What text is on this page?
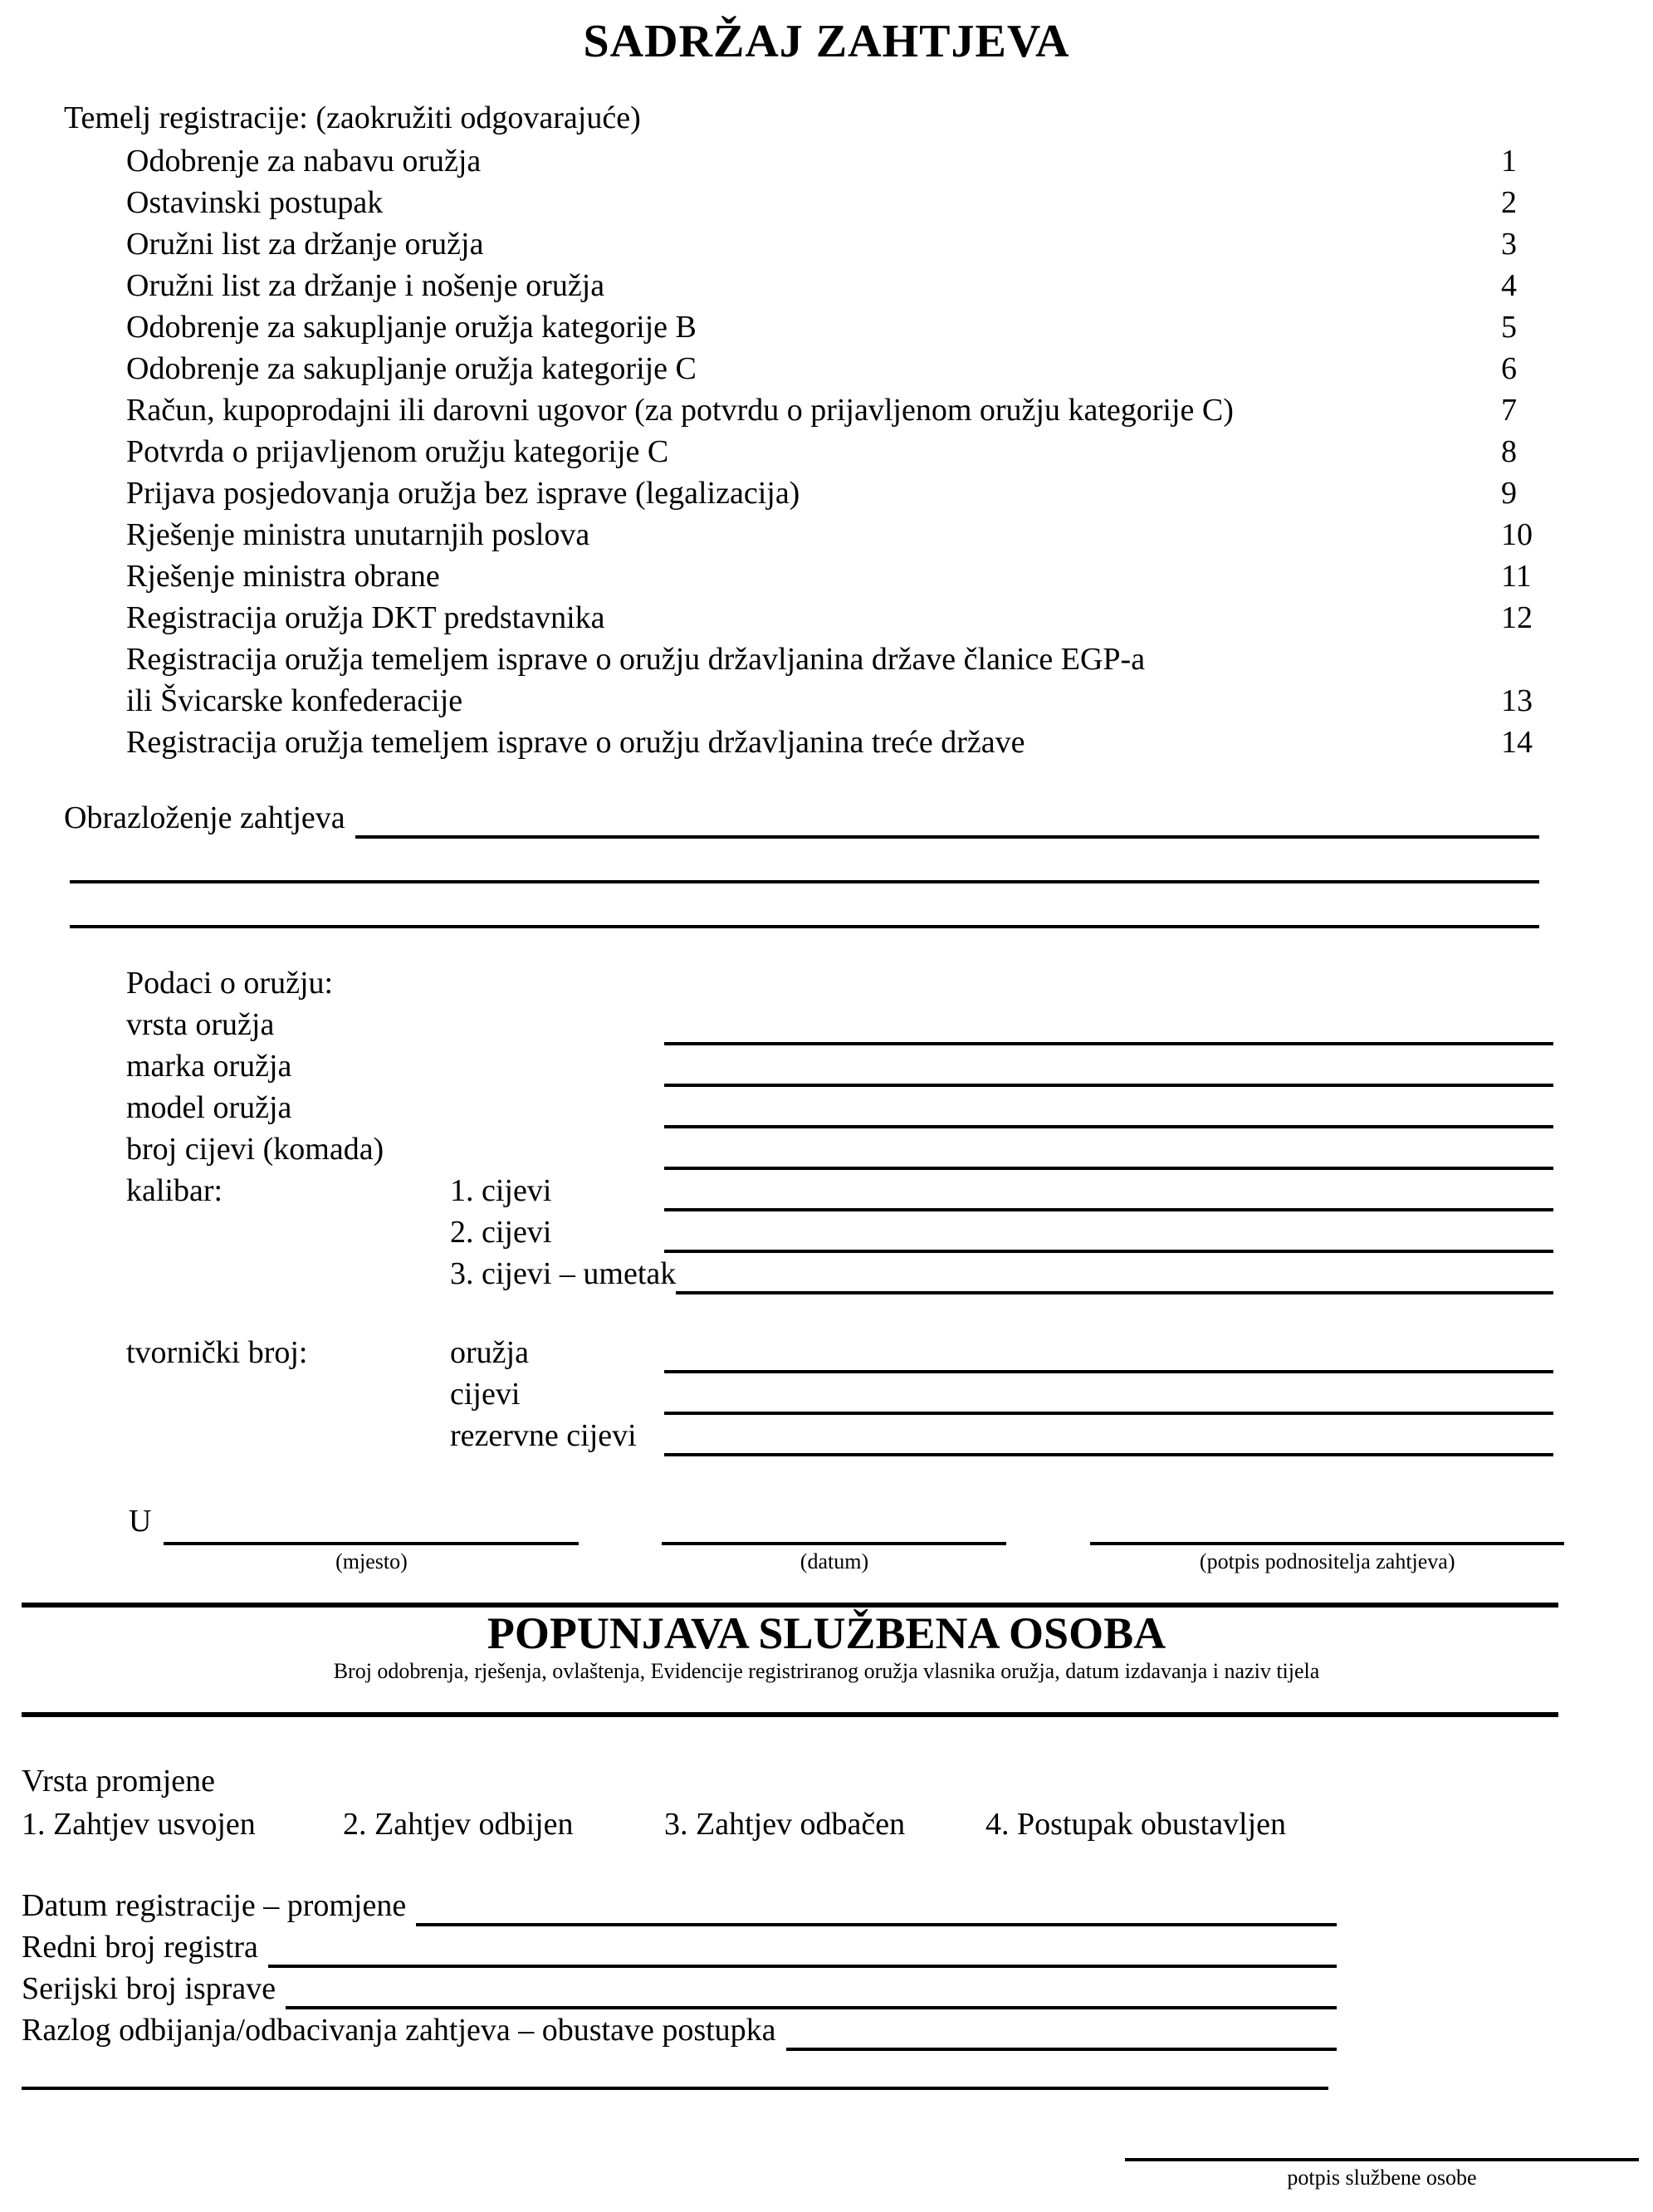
SADRŽAJ ZAHTJEVA
Temelj registracije: (zaokružiti odgovarajuće)
Odobrenje za nabavu oružja	1
Ostavinski postupak	2
Oružni list za držanje oružja	3
Oružni list za držanje i nošenje oružja	4
Odobrenje za sakupljanje oružja kategorije B	5
Odobrenje za sakupljanje oružja kategorije C	6
Račun, kupoprodajni ili darovni ugovor (za potvrdu o prijavljenom oružju kategorije C)	7
Potvrda o prijavljenom oružju kategorije C	8
Prijava posjedovanja oružja bez isprave (legalizacija)	9
Rješenje ministra unutarnjih poslova	10
Rješenje ministra obrane	11
Registracija oružja DKT predstavnika	12
Registracija oružja temeljem isprave o oružju državljanina države članice EGP-a
ili Švicarske konfederacije	13
Registracija oružja temeljem isprave o oružju državljanina treće države	14
Obrazloženje zahtjeva
Podaci o oružju:
vrsta oružja
marka oružja
model oružja
broj cijevi (komada)
kalibar:	1. cijevi
2. cijevi
3. cijevi – umetak
tvornički broj:	oružja
cijevi
rezervne cijevi
U
(mjesto)	(datum)	(potpis podnositelja zahtjeva)
POPUNJAVA SLUŽBENA OSOBA
Broj odobrenja, rješenja, ovlaštenja, Evidencije registriranog oružja vlasnika oružja, datum izdavanja i naziv tijela
Vrsta promjene
1. Zahtjev usvojen	2. Zahtjev odbijen	3. Zahtjev odbačen	4. Postupak obustavljen
Datum registracije – promjene
Redni broj registra
Serijski broj isprave
Razlog odbijanja/odbacivanja zahtjeva – obustave postupka
potpis službene osobe
